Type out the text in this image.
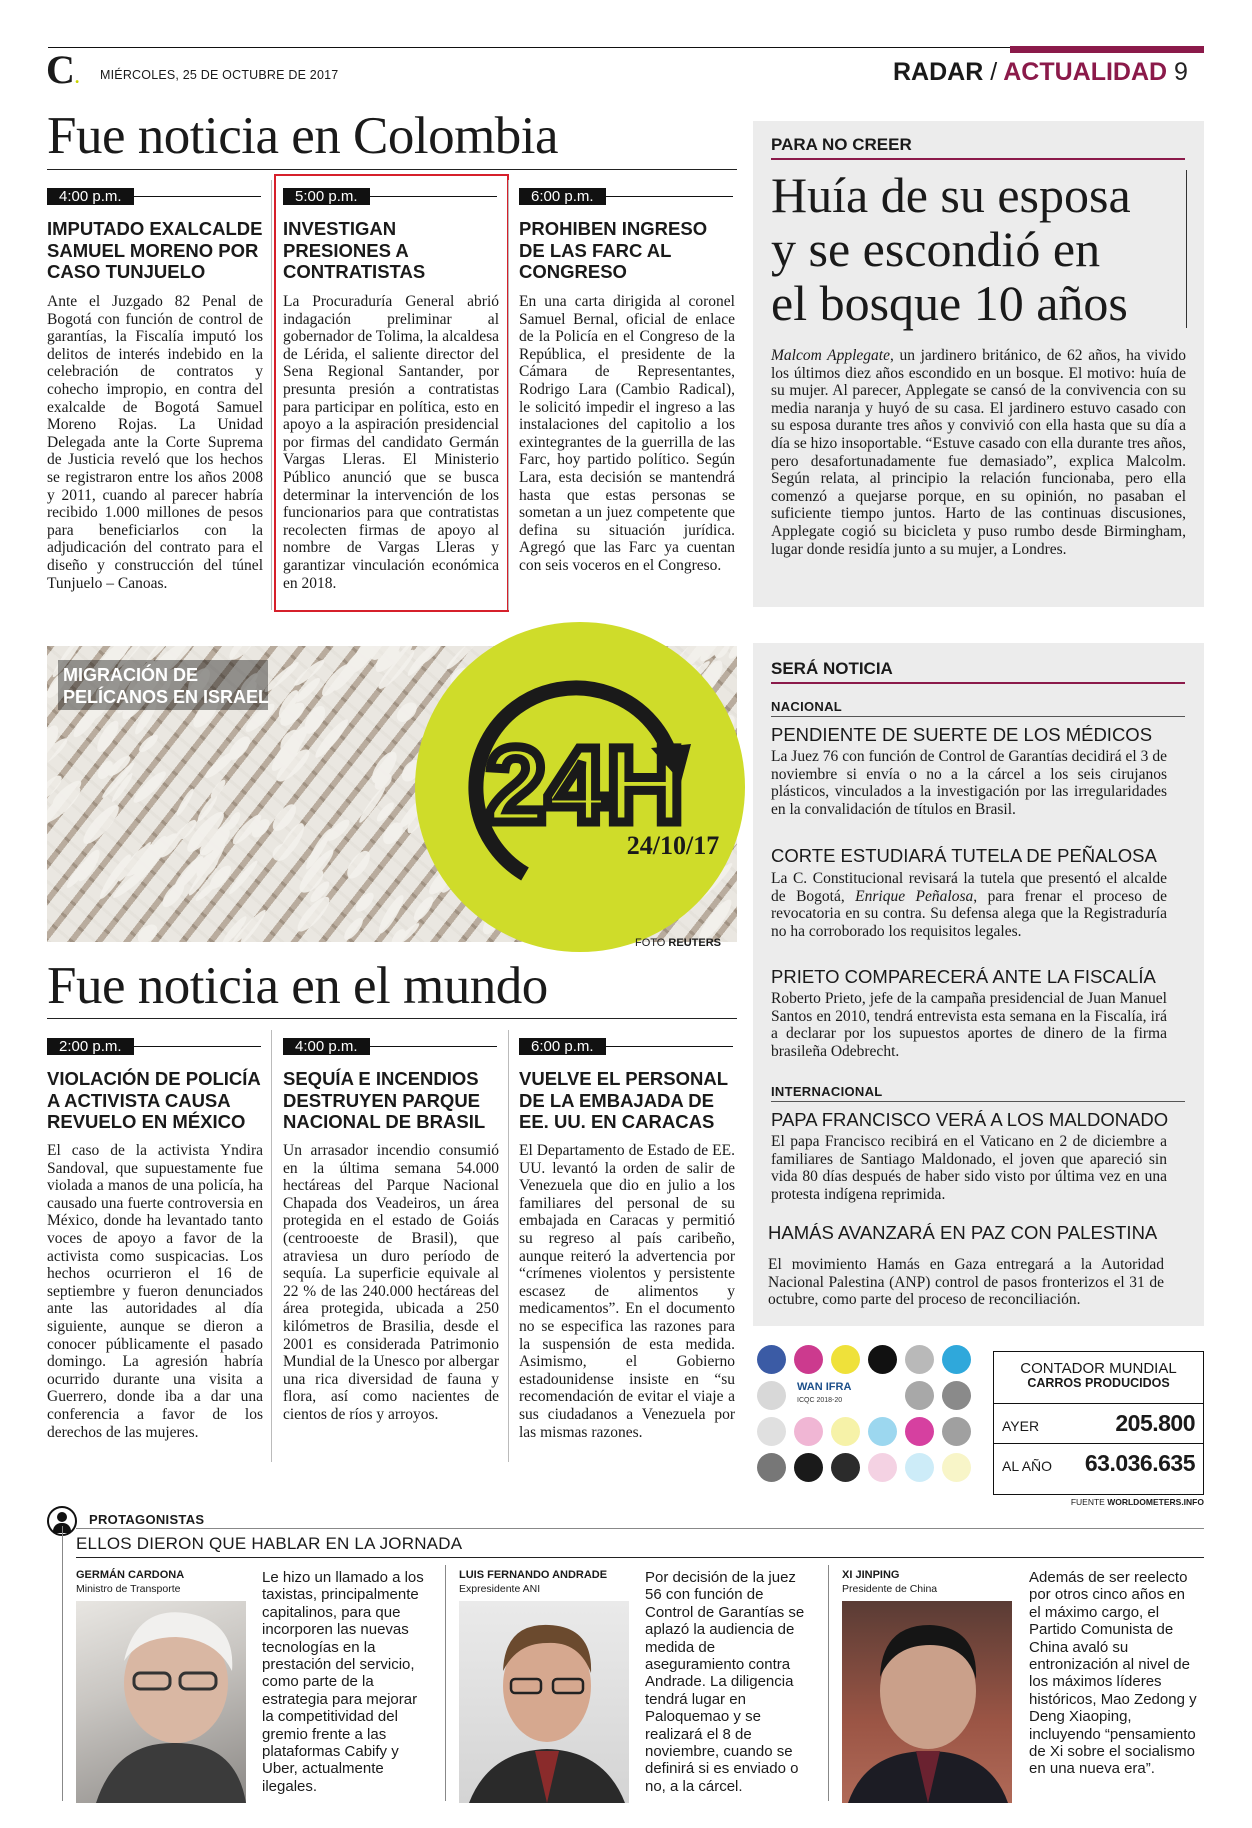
C. MIÉRCOLES, 25 DE OCTUBRE DE 2017	RADAR / ACTUALIDAD 9
Fue noticia en Colombia
4:00 p.m.
IMPUTADO EXALCALDE SAMUEL MORENO POR CASO TUNJUELO
Ante el Juzgado 82 Penal de Bogotá con función de control de garantías, la Fiscalía imputó los delitos de interés indebido en la celebración de contratos y cohecho impropio, en contra del exalcalde de Bogotá Samuel Moreno Rojas. La Unidad Delegada ante la Corte Suprema de Justicia reveló que los hechos se registraron entre los años 2008 y 2011, cuando al parecer habría recibido 1.000 millones de pesos para beneficiarlos con la adjudicación del contrato para el diseño y construcción del túnel Tunjuelo – Canoas.
5:00 p.m.
INVESTIGAN PRESIONES A CONTRATISTAS
La Procuraduría General abrió indagación preliminar al gobernador de Tolima, la alcaldesa de Lérida, el saliente director del Sena Regional Santander, por presunta presión a contratistas para participar en política, esto en apoyo a la aspiración presidencial por firmas del candidato Germán Vargas Lleras. El Ministerio Público anunció que se busca determinar la intervención de los funcionarios para que contratistas recolecten firmas de apoyo al nombre de Vargas Lleras y garantizar vinculación económica en 2018.
6:00 p.m.
PROHIBEN INGRESO DE LAS FARC AL CONGRESO
En una carta dirigida al coronel Samuel Bernal, oficial de enlace de la Policía en el Congreso de la República, el presidente de la Cámara de Representantes, Rodrigo Lara (Cambio Radical), le solicitó impedir el ingreso a las instalaciones del capitolio a los exintegrantes de la guerrilla de las Farc, hoy partido político. Según Lara, esta decisión se mantendrá hasta que estas personas se sometan a un juez competente que defina su situación jurídica. Agregó que las Farc ya cuentan con seis voceros en el Congreso.
PARA NO CREER
Huía de su esposa
y se escondió en
el bosque 10 años
Malcom Applegate, un jardinero británico, de 62 años, ha vivido los últimos diez años escondido en un bosque. El motivo: huía de su mujer. Al parecer, Applegate se cansó de la convivencia con su media naranja y huyó de su casa. El jardinero estuvo casado con su esposa durante tres años y convivió con ella hasta que su día a día se hizo insoportable. “Estuve casado con ella durante tres años, pero desafortunadamente fue demasiado”, explica Malcolm. Según relata, al principio la relación funcionaba, pero ella comenzó a quejarse porque, en su opinión, no pasaban el suficiente tiempo juntos. Harto de las continuas discusiones, Applegate cogió su bicicleta y puso rumbo desde Birmingham, lugar donde residía junto a su mujer, a Londres.
MIGRACIÓN DE
PELÍCANOS EN ISRAEL
24H
24/10/17
FOTO REUTERS
Fue noticia en el mundo
2:00 p.m.
VIOLACIÓN DE POLICÍA A ACTIVISTA CAUSA REVUELO EN MÉXICO
El caso de la activista Yndira Sandoval, que supuestamente fue violada a manos de una policía, ha causado una fuerte controversia en México, donde ha levantado tanto voces de apoyo a favor de la activista como suspicacias. Los hechos ocurrieron el 16 de septiembre y fueron denunciados ante las autoridades al día siguiente, aunque se dieron a conocer públicamente el pasado domingo. La agresión habría ocurrido durante una visita a Guerrero, donde iba a dar una conferencia a favor de los derechos de las mujeres.
4:00 p.m.
SEQUÍA E INCENDIOS DESTRUYEN PARQUE NACIONAL DE BRASIL
Un arrasador incendio consumió en la última semana 54.000 hectáreas del Parque Nacional Chapada dos Veadeiros, un área protegida en el estado de Goiás (centrooeste de Brasil), que atraviesa un duro período de sequía. La superficie equivale al 22 % de las 240.000 hectáreas del área protegida, ubicada a 250 kilómetros de Brasilia, desde el 2001 es considerada Patrimonio Mundial de la Unesco por albergar una rica diversidad de fauna y flora, así como nacientes de cientos de ríos y arroyos.
6:00 p.m.
VUELVE EL PERSONAL DE LA EMBAJADA DE EE. UU. EN CARACAS
El Departamento de Estado de EE. UU. levantó la orden de salir de Venezuela que dio en julio a los familiares del personal de su embajada en Caracas y permitió su regreso al país caribeño, aunque reiteró la advertencia por “crímenes violentos y persistente escasez de alimentos y medicamentos”. En el documento no se especifica las razones para la suspensión de esta medida. Asimismo, el Gobierno estadounidense insiste en “su recomendación de evitar el viaje a sus ciudadanos a Venezuela por las mismas razones.
SERÁ NOTICIA
NACIONAL
PENDIENTE DE SUERTE DE LOS MÉDICOS
La Juez 76 con función de Control de Garantías decidirá el 3 de noviembre si envía o no a la cárcel a los seis cirujanos plásticos, vinculados a la investigación por las irregularidades en la convalidación de títulos en Brasil.
CORTE ESTUDIARÁ TUTELA DE PEÑALOSA
La C. Constitucional revisará la tutela que presentó el alcalde de Bogotá, Enrique Peñalosa, para frenar el proceso de revocatoria en su contra. Su defensa alega que la Registraduría no ha corroborado los requisitos legales.
PRIETO COMPARECERÁ ANTE LA FISCALÍA
Roberto Prieto, jefe de la campaña presidencial de Juan Manuel Santos en 2010, tendrá entrevista esta semana en la Fiscalía, irá a declarar por los supuestos aportes de dinero de la firma brasileña Odebrecht.
INTERNACIONAL
PAPA FRANCISCO VERÁ A LOS MALDONADO
El papa Francisco recibirá en el Vaticano en 2 de diciembre a familiares de Santiago Maldonado, el joven que apareció sin vida 80 días después de haber sido visto por última vez en una protesta indígena reprimida.
HAMÁS AVANZARÁ EN PAZ CON PALESTINA
El movimiento Hamás en Gaza entregará a la Autoridad Nacional Palestina (ANP) control de pasos fronterizos el 31 de octubre, como parte del proceso de reconciliación.
WAN IFRA
ICQC 2018-20
CONTADOR MUNDIAL
CARROS PRODUCIDOS
AYER	205.800
AL AÑO 63.036.635
FUENTE WORLDOMETERS.INFO
PROTAGONISTAS
ELLOS DIERON QUE HABLAR EN LA JORNADA
GERMÁN CARDONA
Ministro de Transporte
Le hizo un llamado a los taxistas, principalmente capitalinos, para que incorporen las nuevas tecnologías en la prestación del servicio, como parte de la estrategia para mejorar la competitividad del gremio frente a las plataformas Cabify y Uber, actualmente ilegales.
LUIS FERNANDO ANDRADE
Expresidente ANI
Por decisión de la juez 56 con función de Control de Garantías se aplazó la audiencia de medida de aseguramiento contra Andrade. La diligencia tendrá lugar en Paloquemao y se realizará el 8 de noviembre, cuando se definirá si es enviado o no, a la cárcel.
XI JINPING
Presidente de China
Además de ser reelecto por otros cinco años en el máximo cargo, el Partido Comunista de China avaló su entronización al nivel de los máximos líderes históricos, Mao Zedong y Deng Xiaoping, incluyendo “pensamiento de Xi sobre el socialismo en una nueva era”.
